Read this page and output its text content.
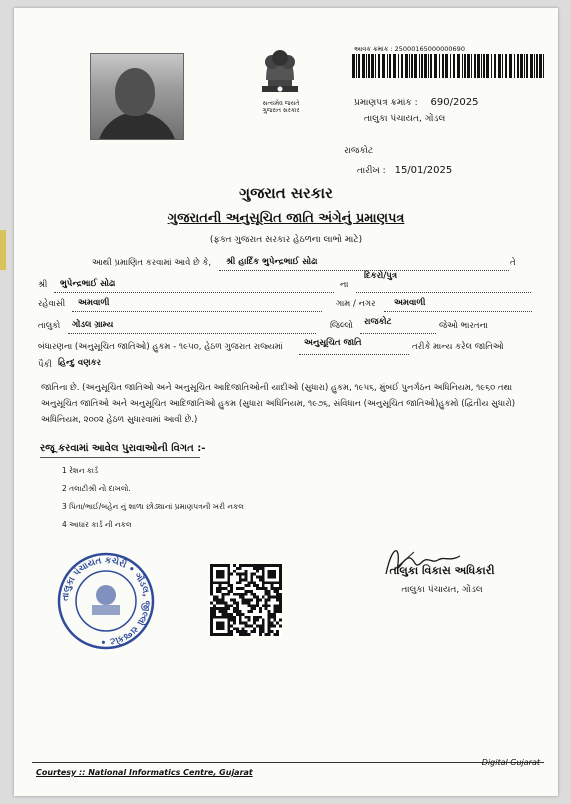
સત્યમેવ જયતે
ગુજરાત સરકાર
આવક ક્રમાંક : 25000165000000690
પ્રમાણપત્ર ક્રમાંક : 690/2025
તાલુકા પંચાયત, ગોંડલ
રાજકોટ
તારીખ : 15/01/2025
ગુજરાત સરકાર
ગુજરાતની અનુસૂચિત જાતિ અંગેનું પ્રમાણપત્ર
(ફક્ત ગુજરાત સરકાર હેઠળના લાભો માટે)
આથી પ્રમાણિત કરવામાં આવે છે કે, શ્રી હાર્દિક ભુપેન્દ્રભાઈ સોઢા	તે
શ્રી ભુપેન્દ્રભાઈ સોઢા	ના
દિકરો/પુત્ર
રહેવાસી અમવાળી	ગામ / નગર અમવાળી
તાલુકો ગોંડલ ગ્રામ્ય	જિલ્લો રાજકોટ	જેઓ ભારતના
બંધારણના (અનુસૂચિત જાતિઓ) હુકમ - ૧૯૫૦, હેઠળ ગુજરાત રાજ્યમાં અનુસૂચિત જાતિ	તરીકે માન્ય કરેલ જાતિઓ
પૈકી હિન્દુ વણકર
જાતિના છે. (અનુસૂચિત જાતિઓ અને અનુસૂચિત આદિજાતિઓની યાદીઓ (સુધારા) હુકમ, ૧૯૫૬, મુંબઈ પુનર્ગઠન અધિનિયમ, ૧૯૬૦ તથા અનુસૂચિત જાતિઓ અને અનુસૂચિત આદિજાતિઓ હુકમ (સુધારા અધિનિયમ, ૧૯૭૬, સંવિધાન (અનુસૂચિત જાતિઓ)હુકમો (દ્વિતીય સુધારો) અધિનિયમ, ૨૦૦૨ હેઠળ સુધારવામાં આવી છે.)
રજૂ કરવામાં આવેલ પુરાવાઓની વિગત :-
1 રેશન કાર્ડ
2 તલાટીશ્રી નો દાખલો.
3 પિતા/ભાઈ/બહેન નું શાળા છોડ્યાનાં પ્રમાણપત્રની ખરી નકલ
4 આધાર કાર્ડ ની નકલ
તાલુકા પંચાયત કચેરી • ગોંડલ, જીલ્લો રાજકોટ •
તાલુકા વિકાસ અધિકારી
તાલુકા પંચાયત, ગોંડલ
Courtesy :: National Informatics Centre, Gujarat
Digital Gujarat
